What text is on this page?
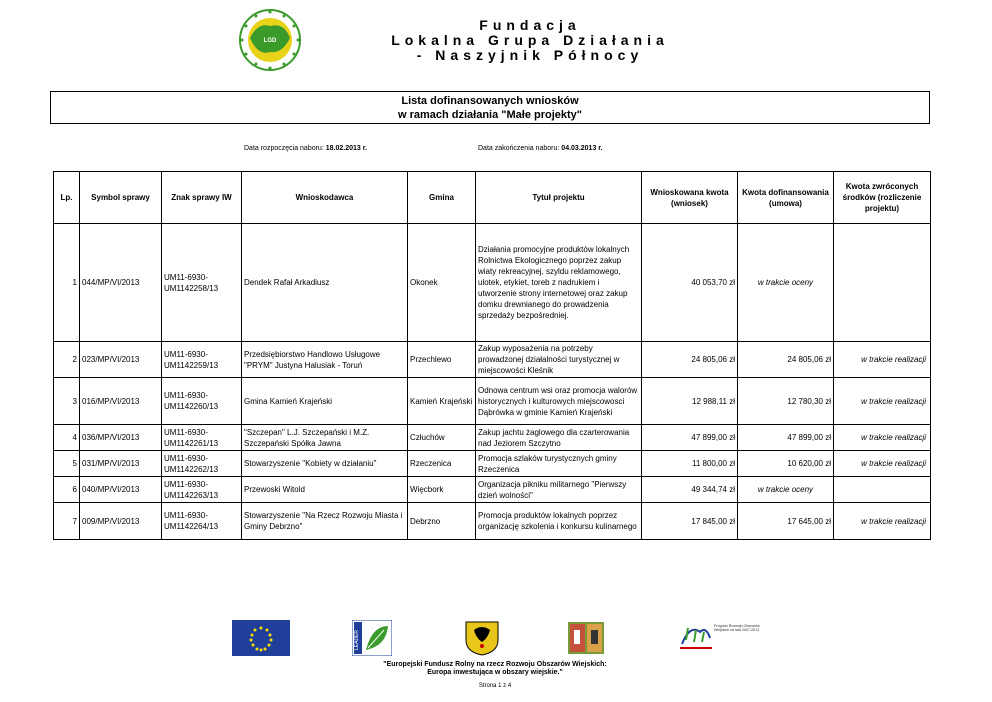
LGD
Fundacja
Lokalna Grupa Działania
- Naszyjnik Północy
Lista dofinansowanych wniosków
w ramach działania "Małe projekty"
Data rozpoczęcia naboru: 18.02.2013 r.	Data zakończenia naboru: 04.03.2013 r.
Lp.	Symbol sprawy	Znak sprawy IW	Wnioskodawca	Gmina	Tytuł projektu	Wnioskowana kwota (wniosek)	Kwota dofinansowania (umowa)	Kwota zwróconych środków (rozliczenie projektu)
1	044/MP/VI/2013	UM11-6930-UM1142258/13	Dendek Rafał Arkadiusz	Okonek	Działania promocyjne produktów lokalnych Rolnictwa Ekologicznego poprzez zakup wiaty rekreacyjnej, szyldu reklamowego, ulotek, etykiet, toreb z nadrukiem i utworzenie strony internetowej oraz zakup domku drewnianego do prowadzenia sprzedaży bezpośredniej.	40 053,70 zł	w trakcie oceny	
2	023/MP/VI/2013	UM11-6930-UM1142259/13	Przedsiębiorstwo Handlowo Usługowe "PRYM" Justyna Halusiak - Toruń	Przechlewo	Zakup wyposażenia na potrzeby prowadzonej działalności turystycznej w miejscowości Kleśnik	24 805,06 zł	24 805,06 zł	w trakcie realizacji
3	016/MP/VI/2013	UM11-6930-UM1142260/13	Gmina Kamień Krajeński	Kamień Krajeński	Odnowa centrum wsi oraz promocja walorów historycznych i kulturowych miejscowosci Dąbrówka w gminie Kamień Krajeński	12 988,11 zł	12 780,30 zł	w trakcie realizacji
4	036/MP/VI/2013	UM11-6930-UM1142261/13	"Szczepan" L.J. Szczepański i M.Z. Szczepański Spółka Jawna	Człuchów	Zakup jachtu żaglowego dla czarterowania nad Jeziorem Szczytno	47 899,00 zł	47 899,00 zł	w trakcie realizacji
5	031/MP/VI/2013	UM11-6930-UM1142262/13	Stowarzyszenie "Kobiety w działaniu"	Rzeczenica	Promocja szlaków turystycznych gminy Rzeczenica	11 800,00 zł	10 620,00 zł	w trakcie realizacji
6	040/MP/VI/2013	UM11-6930-UM1142263/13	Przewoski Witold	Więcbork	Organizacja pikniku militarnego "Pierwszy dzień wolności"	49 344,74 zł	w trakcie oceny	
7	009/MP/VI/2013	UM11-6930-UM1142264/13	Stowarzyszenie "Na Rzecz Rozwoju Miasta i Gminy Debrzno"	Debrzno	Promocja produktów lokalnych poprzez organizację szkolenia i konkursu kulinarnego	17 845,00 zł	17 645,00 zł	w trakcie realizacji
LEADER
Program Rozwoju Obszarów Wiejskich na lata 2007-2013
"Europejski Fundusz Rolny na rzecz Rozwoju Obszarów Wiejskich:
Europa inwestująca w obszary wiejskie."
Strona 1 z 4
